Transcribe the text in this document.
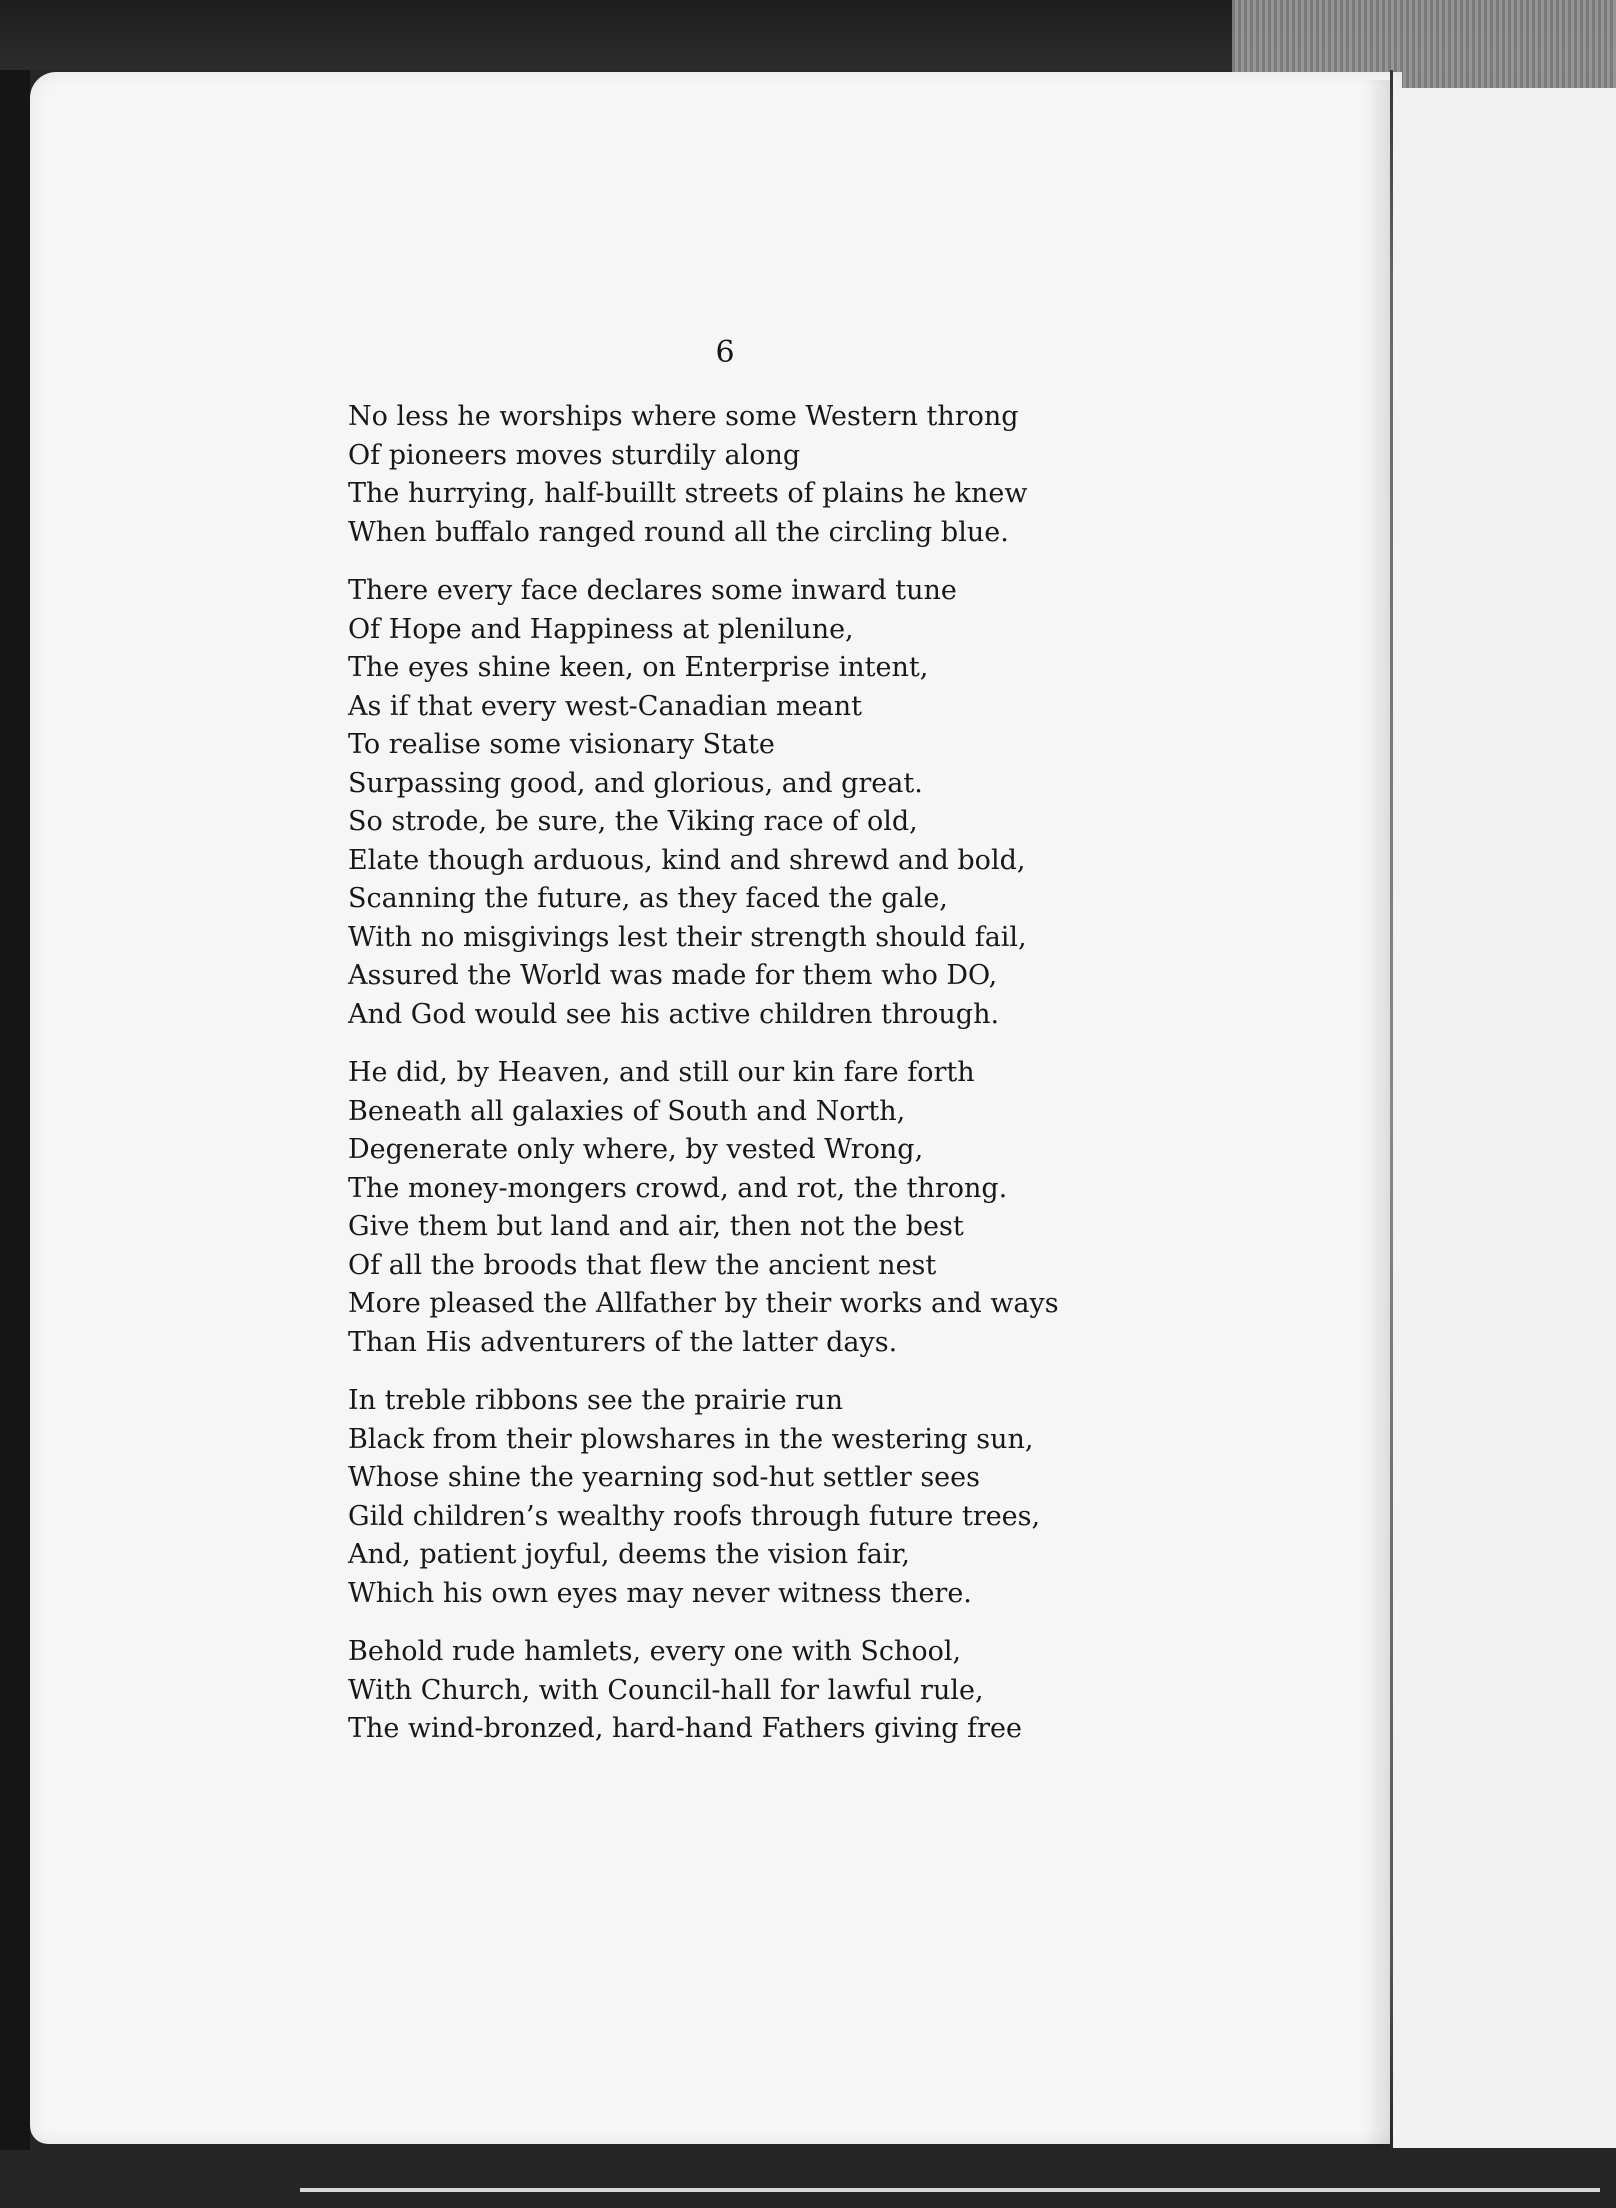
6

No less he worships where some Western throng
Of pioneers moves sturdily along
The hurrying, half-buillt streets of plains he knew
When buffalo ranged round all the circling blue.
There every face declares some inward tune
Of Hope and Happiness at plenilune,
The eyes shine keen, on Enterprise intent,
As if that every west-Canadian meant
To realise some visionary State
Surpassing good, and glorious, and great.
So strode, be sure, the Viking race of old,
Elate though arduous, kind and shrewd and bold,
Scanning the future, as they faced the gale,
With no misgivings lest their strength should fail,
Assured the World was made for them who DO,
And God would see his active children through.
He did, by Heaven, and still our kin fare forth
Beneath all galaxies of South and North,
Degenerate only where, by vested Wrong,
The money-mongers crowd, and rot, the throng.
Give them but land and air, then not the best
Of all the broods that flew the ancient nest
More pleased the Allfather by their works and ways
Than His adventurers of the latter days.
In treble ribbons see the prairie run
Black from their plowshares in the westering sun,
Whose shine the yearning sod-hut settler sees
Gild children’s wealthy roofs through future trees,
And, patient joyful, deems the vision fair,
Which his own eyes may never witness there.
Behold rude hamlets, every one with School,
With Church, with Council-hall for lawful rule,
The wind-bronzed, hard-hand Fathers giving free
